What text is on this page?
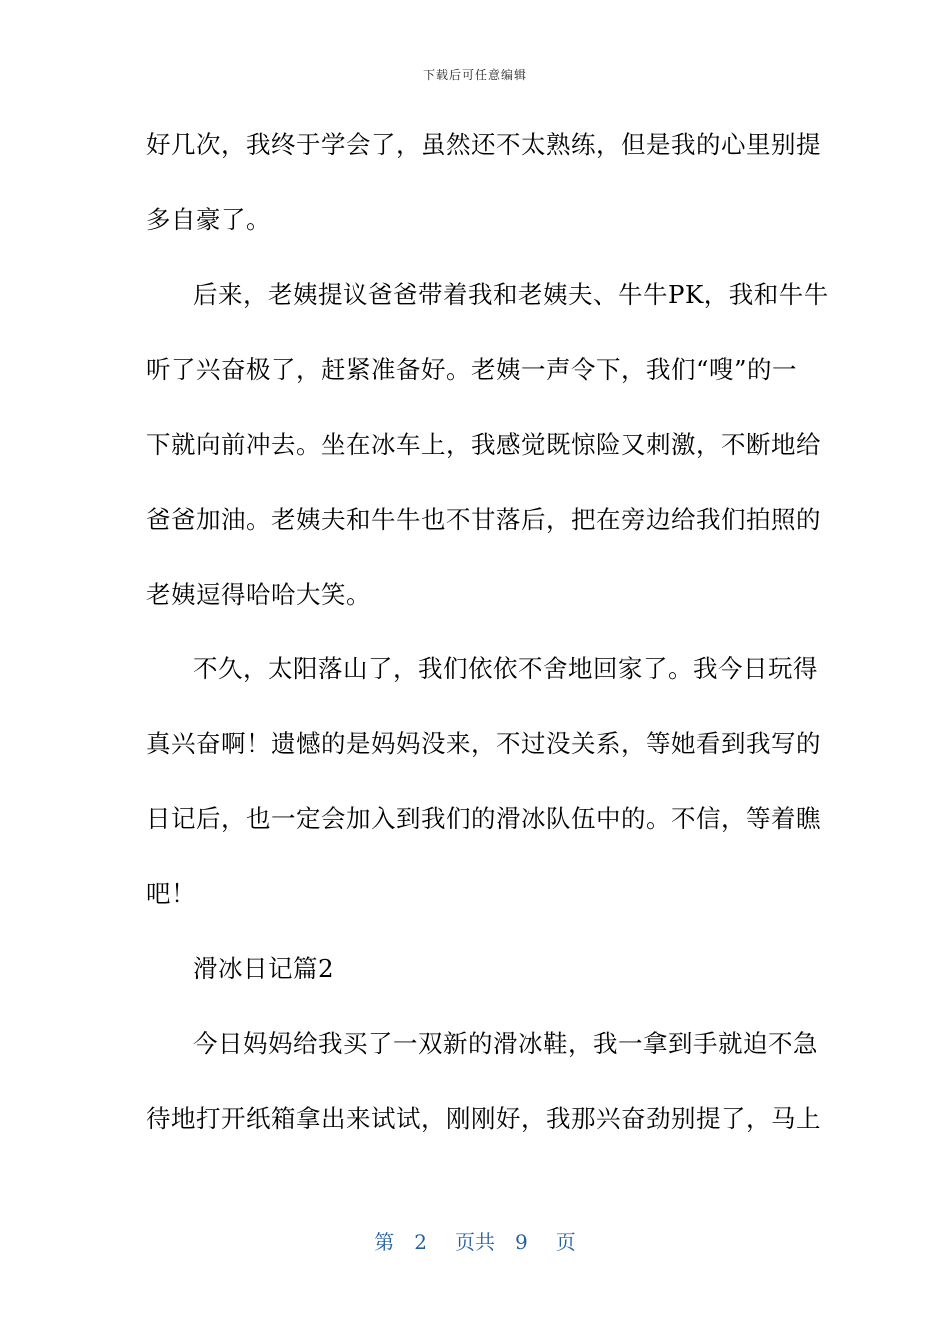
下载后可任意编辑
好几次，我终于学会了，虽然还不太熟练，但是我的心里别提
多自豪了。
后来，老姨提议爸爸带着我和老姨夫、牛牛PK，我和牛牛
听了兴奋极了，赶紧准备好。老姨一声令下，我们“嗖”的一
下就向前冲去。坐在冰车上，我感觉既惊险又刺激，不断地给
爸爸加油。老姨夫和牛牛也不甘落后，把在旁边给我们拍照的
老姨逗得哈哈大笑。
不久，太阳落山了，我们依依不舍地回家了。我今日玩得
真兴奋啊！遗憾的是妈妈没来，不过没关系，等她看到我写的
日记后，也一定会加入到我们的滑冰队伍中的。不信，等着瞧
吧！
滑冰日记篇2
今日妈妈给我买了一双新的滑冰鞋，我一拿到手就迫不急
待地打开纸箱拿出来试试，刚刚好，我那兴奋劲别提了，马上
第 2 页共 9 页
